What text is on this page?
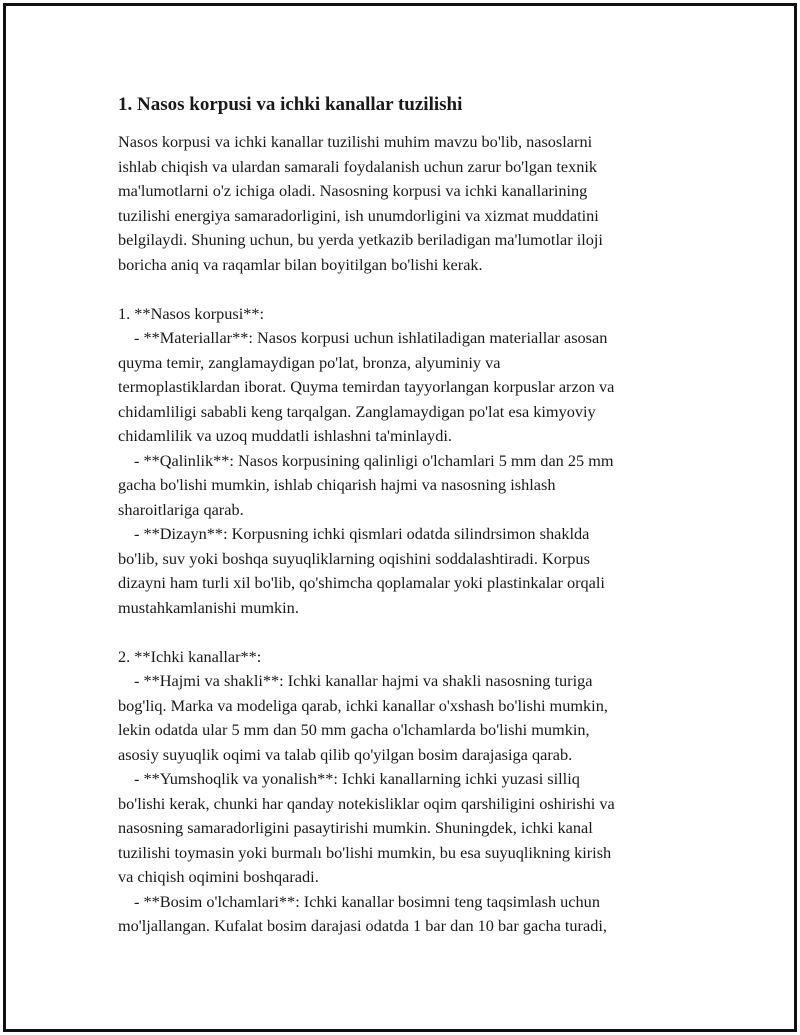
1. Nasos korpusi va ichki kanallar tuzilishi

Nasos korpusi va ichki kanallar tuzilishi muhim mavzu bo'lib, nasoslarni
ishlab chiqish va ulardan samarali foydalanish uchun zarur bo'lgan texnik
ma'lumotlarni o'z ichiga oladi. Nasosning korpusi va ichki kanallarining
tuzilishi energiya samaradorligini, ish unumdorligini va xizmat muddatini
belgilaydi. Shuning uchun, bu yerda yetkazib beriladigan ma'lumotlar iloji
boricha aniq va raqamlar bilan boyitilgan bo'lishi kerak.

1. **Nasos korpusi**:
- **Materiallar**: Nasos korpusi uchun ishlatiladigan materiallar asosan
quyma temir, zanglamaydigan po'lat, bronza, alyuminiy va
termoplastiklardan iborat. Quyma temirdan tayyorlangan korpuslar arzon va
chidamliligi sababli keng tarqalgan. Zanglamaydigan po'lat esa kimyoviy
chidamlilik va uzoq muddatli ishlashni ta'minlaydi.
- **Qalinlik**: Nasos korpusining qalinligi o'lchamlari 5 mm dan 25 mm
gacha bo'lishi mumkin, ishlab chiqarish hajmi va nasosning ishlash
sharoitlariga qarab.
- **Dizayn**: Korpusning ichki qismlari odatda silindrsimon shaklda
bo'lib, suv yoki boshqa suyuqliklarning oqishini soddalashtiradi. Korpus
dizayni ham turli xil bo'lib, qo'shimcha qoplamalar yoki plastinkalar orqali
mustahkamlanishi mumkin.
2. **Ichki kanallar**:
- **Hajmi va shakli**: Ichki kanallar hajmi va shakli nasosning turiga
bog'liq. Marka va modeliga qarab, ichki kanallar o'xshash bo'lishi mumkin,
lekin odatda ular 5 mm dan 50 mm gacha o'lchamlarda bo'lishi mumkin,
asosiy suyuqlik oqimi va talab qilib qo'yilgan bosim darajasiga qarab.
- **Yumshoqlik va yonalish**: Ichki kanallarning ichki yuzasi silliq
bo'lishi kerak, chunki har qanday notekisliklar oqim qarshiligini oshirishi va
nasosning samaradorligini pasaytirishi mumkin. Shuningdek, ichki kanal
tuzilishi toymasin yoki burmalı bo'lishi mumkin, bu esa suyuqlikning kirish
va chiqish oqimini boshqaradi.
- **Bosim o'lchamlari**: Ichki kanallar bosimni teng taqsimlash uchun
mo'ljallangan. Kufalat bosim darajasi odatda 1 bar dan 10 bar gacha turadi,
